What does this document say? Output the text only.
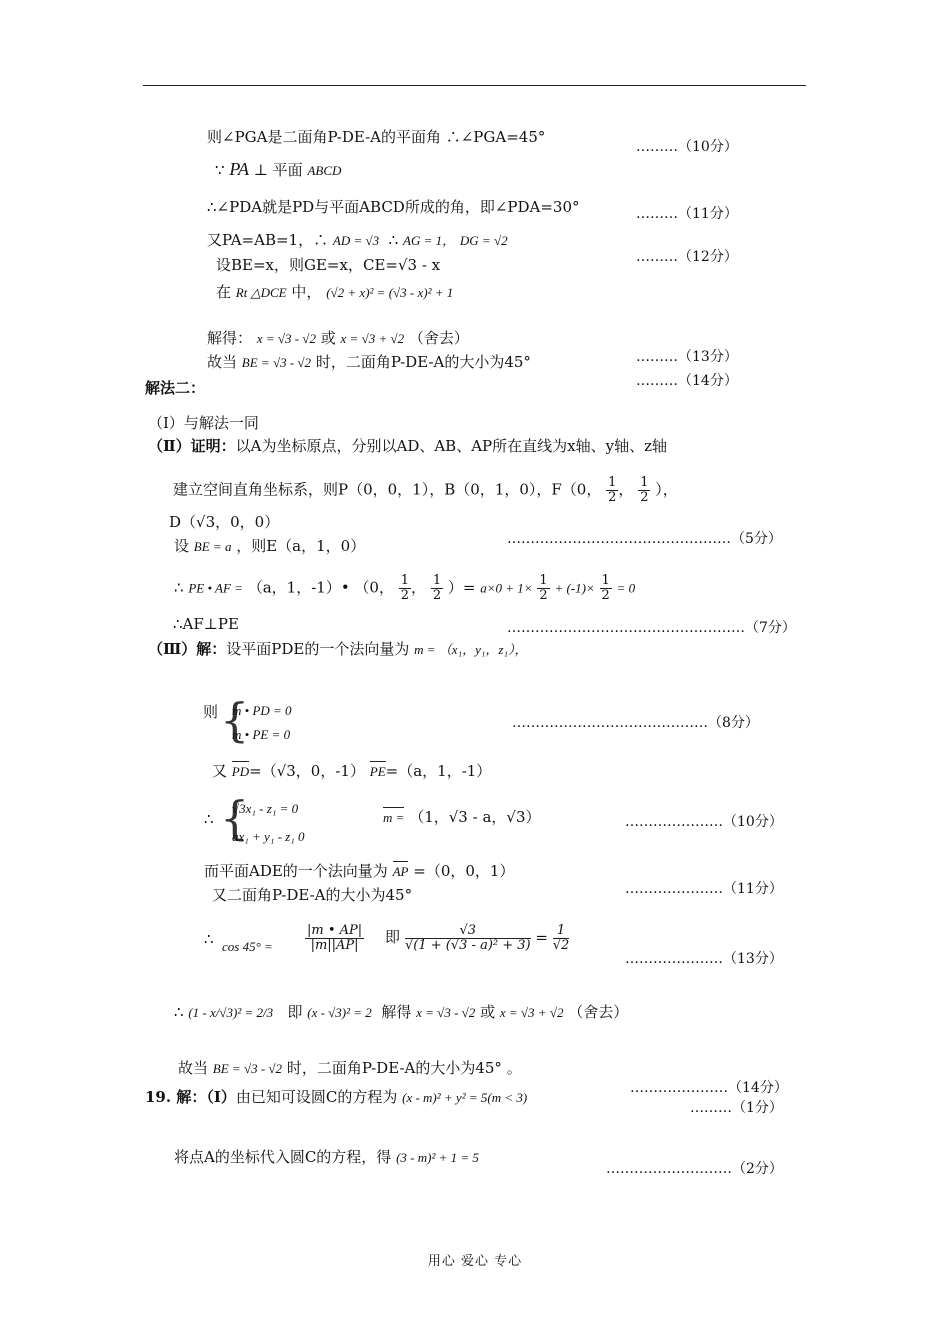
则∠PGA是二面角P-DE-A的平面角 ∴∠PGA=45°
………（10分）
∵ PA ⊥ 平面 ABCD
∴∠PDA就是PD与平面ABCD所成的角，即∠PDA=30°	………（11分）
又PA=AB=1，∴ AD = √3 ∴ AG = 1， DG = √2
………（12分）
设BE=x，则GE=x，CE=√3 - x
在 Rt △DCE 中， (√2 + x)² = (√3 - x)² + 1
解得： x = √3 - √2 或 x = √3 + √2 （舍去）
故当 BE = √3 - √2 时，二面角P-DE-A的大小为45°	………（13分）
………（14分）
解法二：
（Ⅰ）与解法一同
（Ⅱ）证明：以A为坐标原点，分别以AD、AB、AP所在直线为x轴、y轴、z轴
建立空间直角坐标系，则P（0，0，1），B（0，1，0），F（0， $\frac{1}{2}$ ， $\frac{1}{2}$ ），
D（√3，0，0）
设 BE = a ，则E（a，1，0）	…………………………………………（5分）
∴ PE • AF = （a，1，-1）• （0， $\frac{1}{2}$ ， $\frac{1}{2}$ ）= $a\times 0 + 1\times \frac{1}{2} + (-1)\times \frac{1}{2} = 0$
∴AF⊥PE	……………………………………………（7分）
（Ⅲ）解：设平面PDE的一个法向量为 m = （x₁，y₁，z₁），
则 {
m • PD = 0
m • PE = 0
……………………………………（8分）
又 PD=（√3，0，-1） PE=（a，1，-1）
∴ {
√3x₁ - z₁ = 0
ax₁ + y₁ - z₁ 0
m = （1，√3 - a，√3）	…………………（10分）
而平面ADE的一个法向量为 AP =（0，0，1）
又二面角P-DE-A的大小为45°	…………………（11分）
∴ $\cos 45^\circ = \frac{|m • AP|}{|m||AP|}$ 即 $\frac{√3}{\text{√(1 + (√3 - a)² + 3)}} = \frac{1}{√2}$
…………………（13分）
∴ (1 - x/√3)² = 2/3 即 (x - √3)² = 2 解得 x = √3 - √2 或 x = √3 + √2 （舍去）
故当 BE = √3 - √2 时，二面角P-DE-A的大小为45° 。
…………………（14分）
19. 解：（Ⅰ）由已知可设圆C的方程为 (x - m)² + y² = 5(m < 3)
………（1分）
将点A的坐标代入圆C的方程，得 (3 - m)² + 1 = 5
………………………（2分）
用心 爱心 专心
